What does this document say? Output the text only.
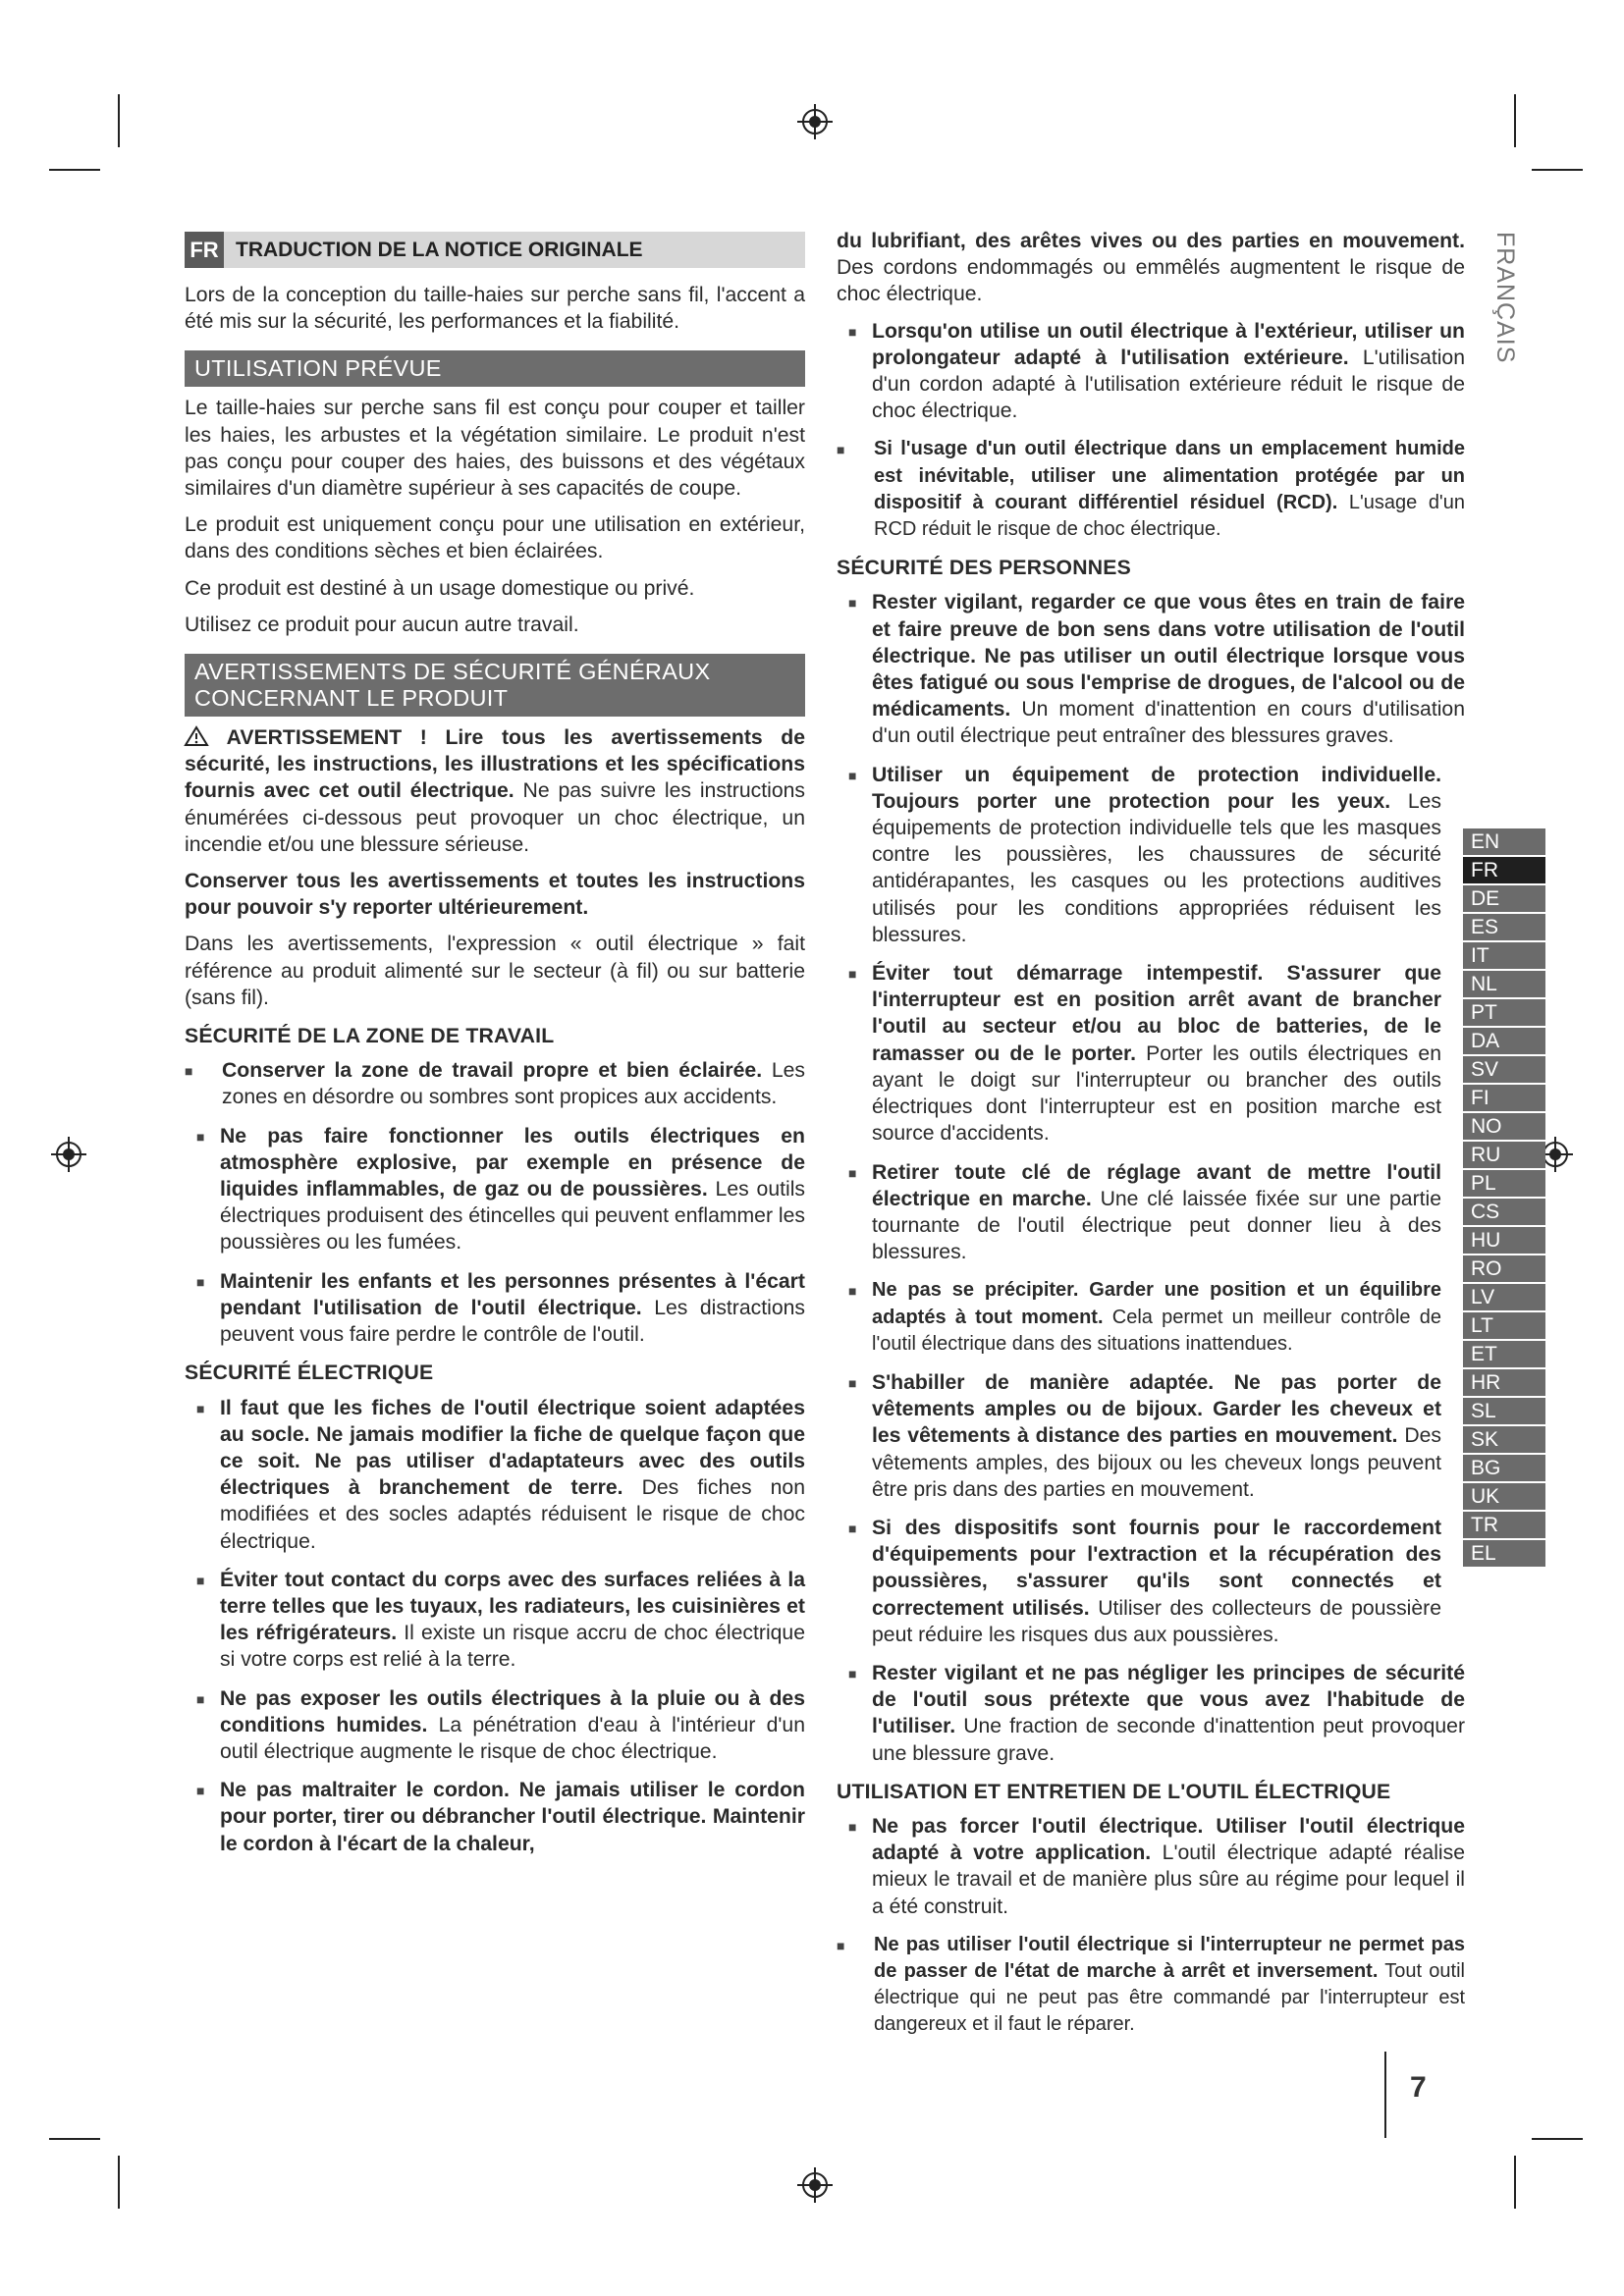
FR TRADUCTION DE LA NOTICE ORIGINALE

Lors de la conception du taille-haies sur perche sans fil, l'accent a été mis sur la sécurité, les performances et la fiabilité.

UTILISATION PRÉVUE

Le taille-haies sur perche sans fil est conçu pour couper et tailler les haies, les arbustes et la végétation similaire. Le produit n'est pas conçu pour couper des haies, des buissons et des végétaux similaires d'un diamètre supérieur à ses capacités de coupe.

Le produit est uniquement conçu pour une utilisation en extérieur, dans des conditions sèches et bien éclairées.

Ce produit est destiné à un usage domestique ou privé.

Utilisez ce produit pour aucun autre travail.

AVERTISSEMENTS DE SÉCURITÉ GÉNÉRAUX CONCERNANT LE PRODUIT

AVERTISSEMENT ! Lire tous les avertissements de sécurité, les instructions, les illustrations et les spécifications fournis avec cet outil électrique. Ne pas suivre les instructions énumérées ci-dessous peut provoquer un choc électrique, un incendie et/ou une blessure sérieuse.

Conserver tous les avertissements et toutes les instructions pour pouvoir s'y reporter ultérieurement.

Dans les avertissements, l'expression « outil électrique » fait référence au produit alimenté sur le secteur (à fil) ou sur batterie (sans fil).

SÉCURITÉ DE LA ZONE DE TRAVAIL
■ Conserver la zone de travail propre et bien éclairée. Les zones en désordre ou sombres sont propices aux accidents.
■ Ne pas faire fonctionner les outils électriques en atmosphère explosive, par exemple en présence de liquides inflammables, de gaz ou de poussières. Les outils électriques produisent des étincelles qui peuvent enflammer les poussières ou les fumées.
■ Maintenir les enfants et les personnes présentes à l'écart pendant l'utilisation de l'outil électrique. Les distractions peuvent vous faire perdre le contrôle de l'outil.
SÉCURITÉ ÉLECTRIQUE
■ Il faut que les fiches de l'outil électrique soient adaptées au socle. Ne jamais modifier la fiche de quelque façon que ce soit. Ne pas utiliser d'adaptateurs avec des outils électriques à branchement de terre. Des fiches non modifiées et des socles adaptés réduisent le risque de choc électrique.
■ Éviter tout contact du corps avec des surfaces reliées à la terre telles que les tuyaux, les radiateurs, les cuisinières et les réfrigérateurs. Il existe un risque accru de choc électrique si votre corps est relié à la terre.
■ Ne pas exposer les outils électriques à la pluie ou à des conditions humides. La pénétration d'eau à l'intérieur d'un outil électrique augmente le risque de choc électrique.
■ Ne pas maltraiter le cordon. Ne jamais utiliser le cordon pour porter, tirer ou débrancher l'outil électrique. Maintenir le cordon à l'écart de la chaleur,

du lubrifiant, des arêtes vives ou des parties en mouvement. Des cordons endommagés ou emmêlés augmentent le risque de choc électrique.

■ Lorsqu'on utilise un outil électrique à l'extérieur, utiliser un prolongateur adapté à l'utilisation extérieure. L'utilisation d'un cordon adapté à l'utilisation extérieure réduit le risque de choc électrique.
■ Si l'usage d'un outil électrique dans un emplacement humide est inévitable, utiliser une alimentation protégée par un dispositif à courant différentiel résiduel (RCD). L'usage d'un RCD réduit le risque de choc électrique.
SÉCURITÉ DES PERSONNES
■ Rester vigilant, regarder ce que vous êtes en train de faire et faire preuve de bon sens dans votre utilisation de l'outil électrique. Ne pas utiliser un outil électrique lorsque vous êtes fatigué ou sous l'emprise de drogues, de l'alcool ou de médicaments. Un moment d'inattention en cours d'utilisation d'un outil électrique peut entraîner des blessures graves.
■ Utiliser un équipement de protection individuelle. Toujours porter une protection pour les yeux. Les équipements de protection individuelle tels que les masques contre les poussières, les chaussures de sécurité antidérapantes, les casques ou les protections auditives utilisés pour les conditions appropriées réduisent les blessures.
■ Éviter tout démarrage intempestif. S'assurer que l'interrupteur est en position arrêt avant de brancher l'outil au secteur et/ou au bloc de batteries, de le ramasser ou de le porter. Porter les outils électriques en ayant le doigt sur l'interrupteur ou brancher des outils électriques dont l'interrupteur est en position marche est source d'accidents.
■ Retirer toute clé de réglage avant de mettre l'outil électrique en marche. Une clé laissée fixée sur une partie tournante de l'outil électrique peut donner lieu à des blessures.
■ Ne pas se précipiter. Garder une position et un équilibre adaptés à tout moment. Cela permet un meilleur contrôle de l'outil électrique dans des situations inattendues.
■ S'habiller de manière adaptée. Ne pas porter de vêtements amples ou de bijoux. Garder les cheveux et les vêtements à distance des parties en mouvement. Des vêtements amples, des bijoux ou les cheveux longs peuvent être pris dans des parties en mouvement.
■ Si des dispositifs sont fournis pour le raccordement d'équipements pour l'extraction et la récupération des poussières, s'assurer qu'ils sont connectés et correctement utilisés. Utiliser des collecteurs de poussière peut réduire les risques dus aux poussières.
■ Rester vigilant et ne pas négliger les principes de sécurité de l'outil sous prétexte que vous avez l'habitude de l'utiliser. Une fraction de seconde d'inattention peut provoquer une blessure grave.
UTILISATION ET ENTRETIEN DE L'OUTIL ÉLECTRIQUE
■ Ne pas forcer l'outil électrique. Utiliser l'outil électrique adapté à votre application. L'outil électrique adapté réalise mieux le travail et de manière plus sûre au régime pour lequel il a été construit.
■ Ne pas utiliser l'outil électrique si l'interrupteur ne permet pas de passer de l'état de marche à arrêt et inversement. Tout outil électrique qui ne peut pas être commandé par l'interrupteur est dangereux et il faut le réparer.
FRANÇAIS
EN
FR
DE
ES
IT
NL
PT
DA
SV
FI
NO
RU
PL
CS
HU
RO
LV
LT
ET
HR
SL
SK
BG
UK
TR
EL
7
